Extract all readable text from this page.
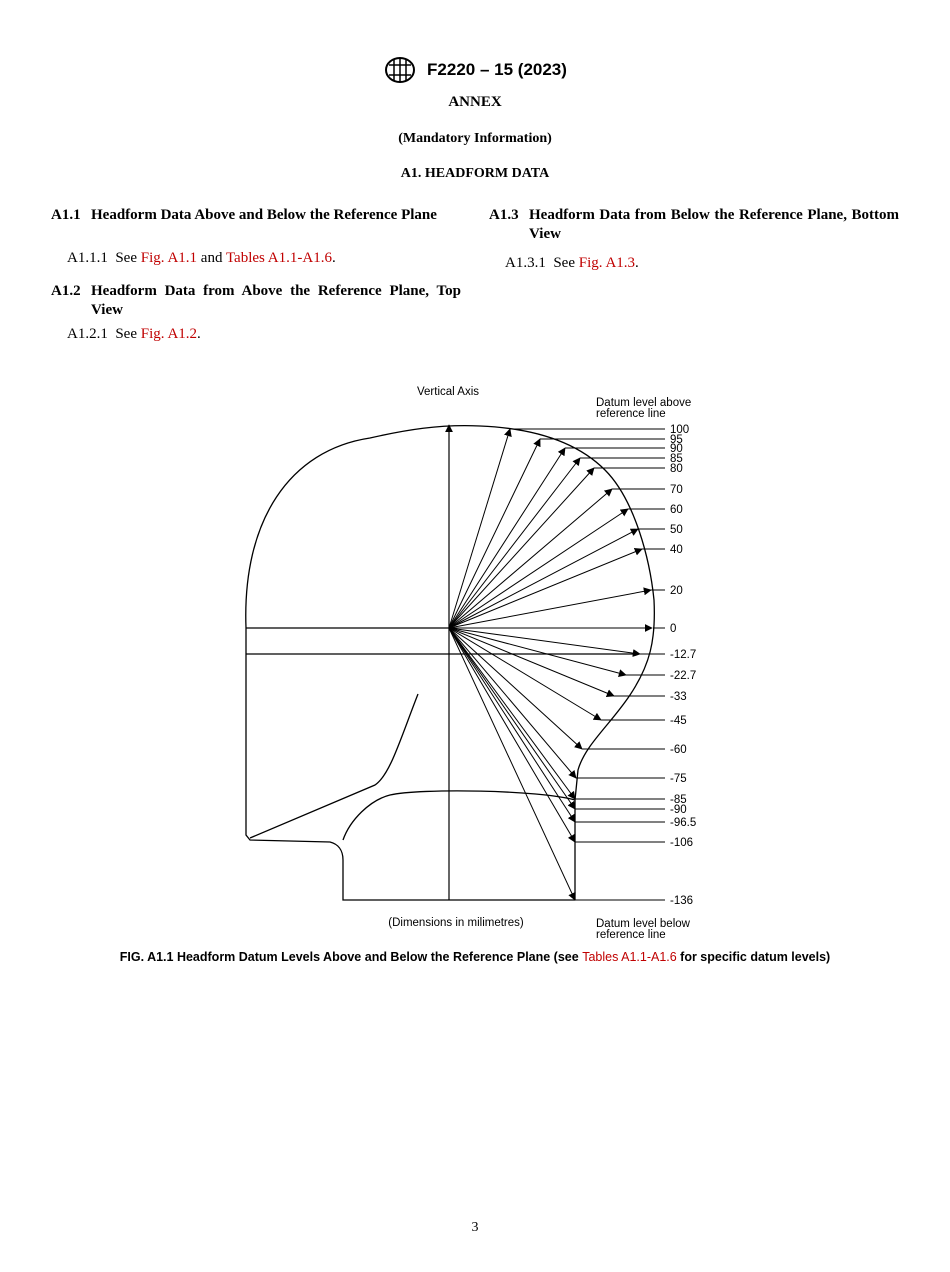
F2220 – 15 (2023)
ANNEX
(Mandatory Information)
A1. HEADFORM DATA
A1.1 Headform Data Above and Below the Reference Plane
A1.1.1 See Fig. A1.1 and Tables A1.1-A1.6.
A1.2 Headform Data from Above the Reference Plane, Top View
A1.2.1 See Fig. A1.2.
A1.3 Headform Data from Below the Reference Plane, Bottom View
A1.3.1 See Fig. A1.3.
Vertical Axis
100
95
90
85
80
70
60
50
40
20
0
-12.7
-22.7
-33
-45
-60
-75
-85
-90
-96.5
-106
-136
Datum level above
reference line
Datum level below
reference line
(Dimensions in milimetres)
FIG. A1.1 Headform Datum Levels Above and Below the Reference Plane (see Tables A1.1-A1.6 for specific datum levels)
3
